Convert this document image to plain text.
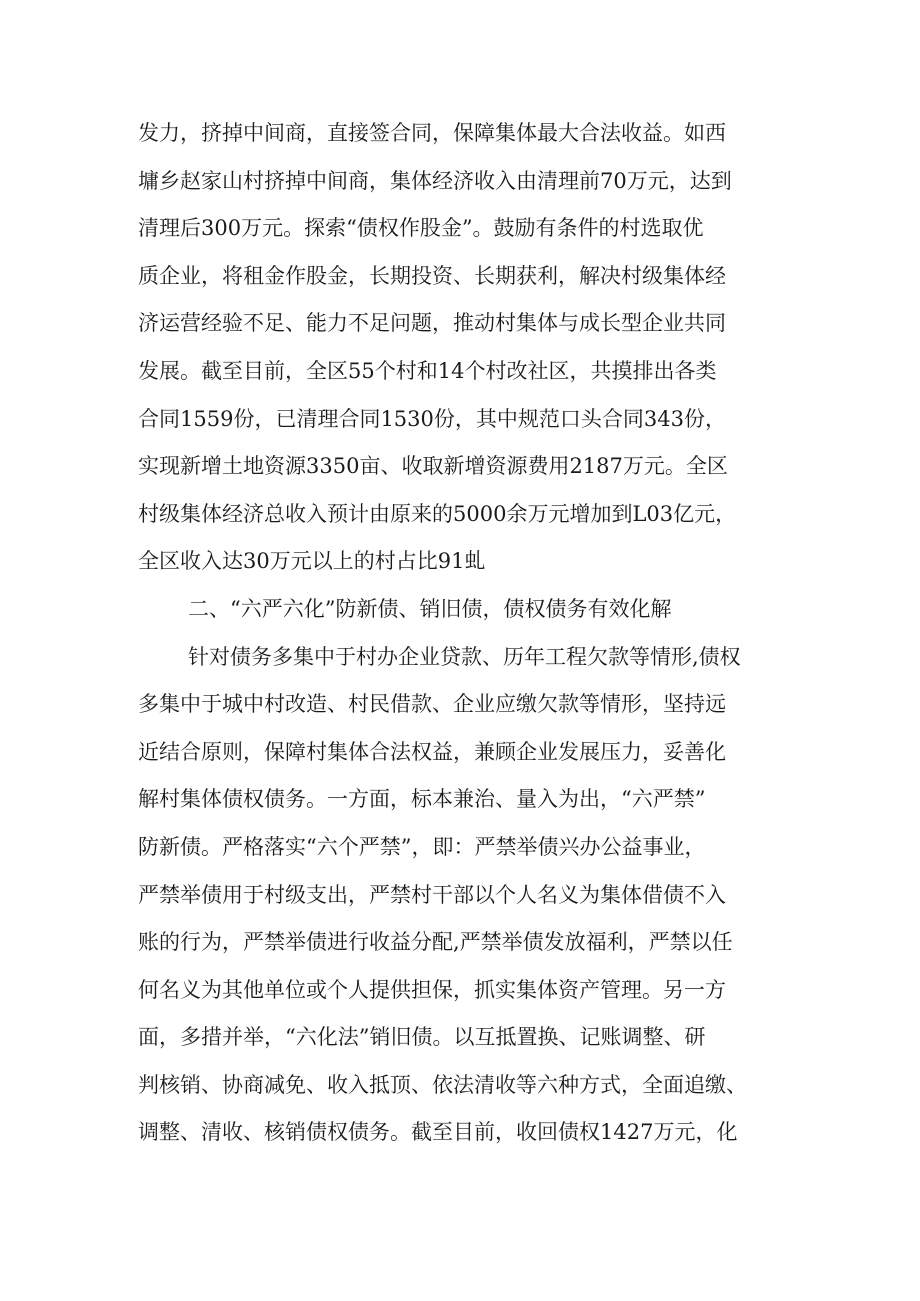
发力，挤掉中间商，直接签合同，保障集体最大合法收益。如西
墉乡赵家山村挤掉中间商，集体经济收入由清理前70万元，达到
清理后300万元。探索“债权作股金”。鼓励有条件的村选取优
质企业，将租金作股金，长期投资、长期获利，解决村级集体经
济运营经验不足、能力不足问题，推动村集体与成长型企业共同
发展。截至目前，全区55个村和14个村改社区，共摸排出各类
合同1559份，已清理合同1530份，其中规范口头合同343份，
实现新增土地资源3350亩、收取新增资源费用2187万元。全区
村级集体经济总收入预计由原来的5000余万元增加到L03亿元，
全区收入达30万元以上的村占比91虬
二、“六严六化”防新债、销旧债，债权债务有效化解
针对债务多集中于村办企业贷款、历年工程欠款等情形,债权
多集中于城中村改造、村民借款、企业应缴欠款等情形，坚持远
近结合原则，保障村集体合法权益，兼顾企业发展压力，妥善化
解村集体债权债务。一方面，标本兼治、量入为出，“六严禁”
防新债。严格落实“六个严禁”，即：严禁举债兴办公益事业，
严禁举债用于村级支出，严禁村干部以个人名义为集体借债不入
账的行为，严禁举债进行收益分配,严禁举债发放福利，严禁以任
何名义为其他单位或个人提供担保，抓实集体资产管理。另一方
面，多措并举，“六化法”销旧债。以互抵置换、记账调整、研
判核销、协商减免、收入抵顶、依法清收等六种方式，全面追缴、
调整、清收、核销债权债务。截至目前，收回债权1427万元，化
